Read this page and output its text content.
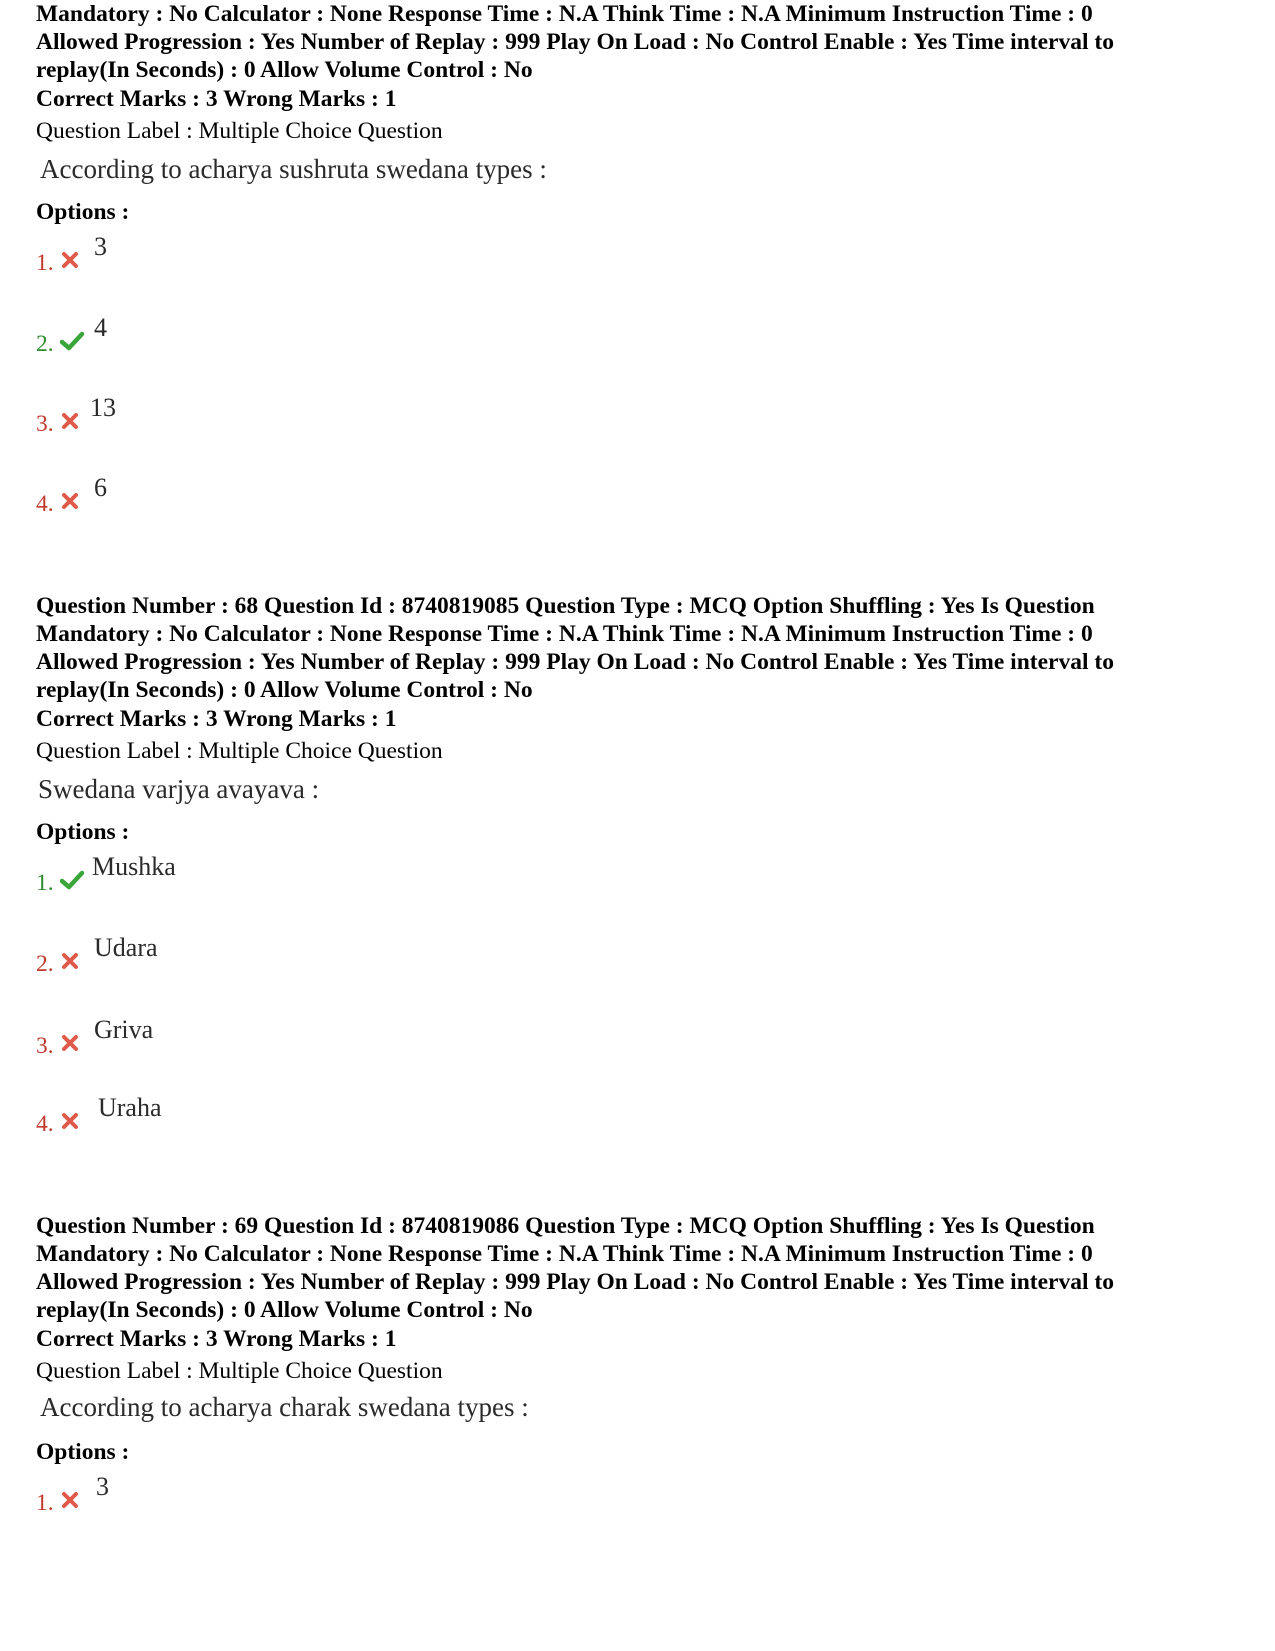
Mandatory : No Calculator : None Response Time : N.A Think Time : N.A Minimum Instruction Time : 0
Allowed Progression : Yes Number of Replay : 999 Play On Load : No Control Enable : Yes Time interval to
replay(In Seconds) : 0 Allow Volume Control : No
Correct Marks : 3 Wrong Marks : 1
Question Label : Multiple Choice Question
According to acharya sushruta swedana types :
Options :
1.
3
2.
4
3.
13
4.
6
Question Number : 68 Question Id : 8740819085 Question Type : MCQ Option Shuffling : Yes Is Question
Mandatory : No Calculator : None Response Time : N.A Think Time : N.A Minimum Instruction Time : 0
Allowed Progression : Yes Number of Replay : 999 Play On Load : No Control Enable : Yes Time interval to
replay(In Seconds) : 0 Allow Volume Control : No
Correct Marks : 3 Wrong Marks : 1
Question Label : Multiple Choice Question
Swedana varjya avayava :
Options :
1.
Mushka
2.
Udara
3.
Griva
4.
Uraha
Question Number : 69 Question Id : 8740819086 Question Type : MCQ Option Shuffling : Yes Is Question
Mandatory : No Calculator : None Response Time : N.A Think Time : N.A Minimum Instruction Time : 0
Allowed Progression : Yes Number of Replay : 999 Play On Load : No Control Enable : Yes Time interval to
replay(In Seconds) : 0 Allow Volume Control : No
Correct Marks : 3 Wrong Marks : 1
Question Label : Multiple Choice Question
According to acharya charak swedana types :
Options :
1.
3
